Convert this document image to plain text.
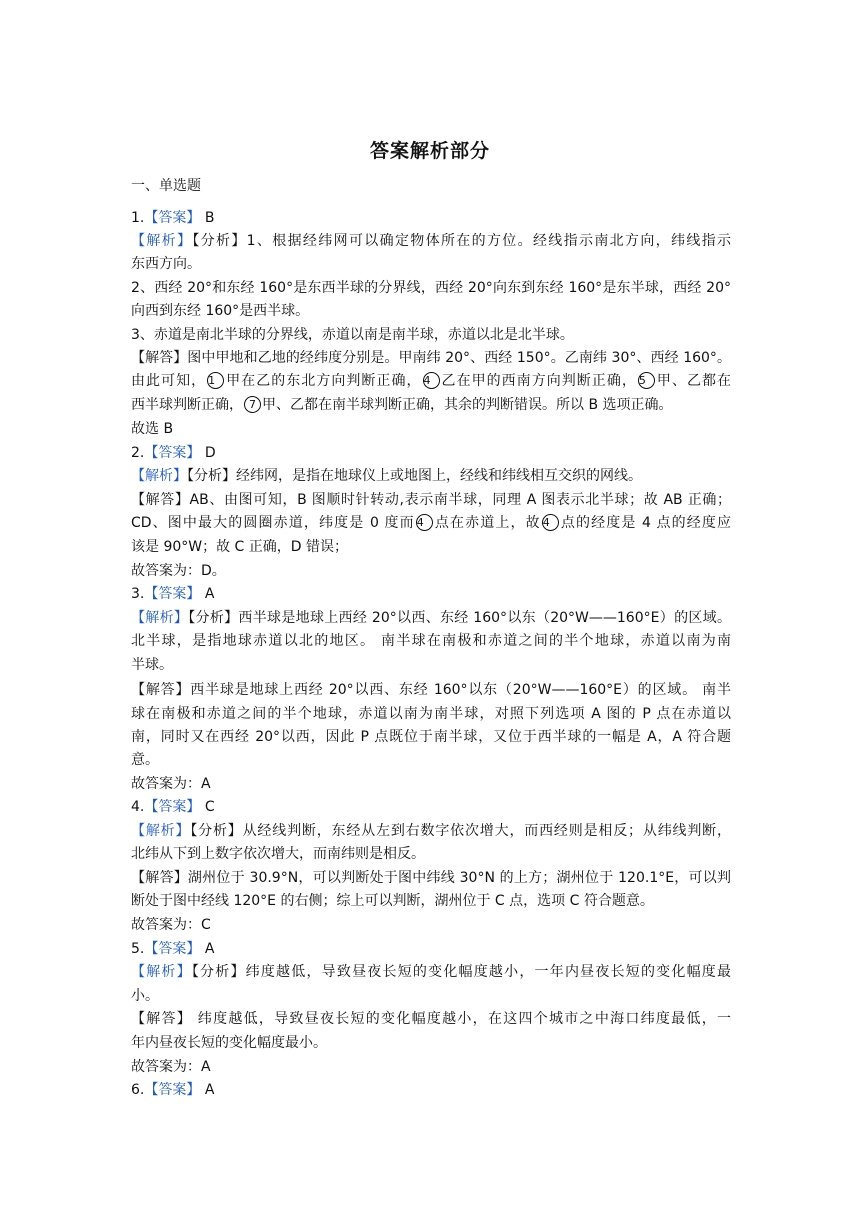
答案解析部分
一、单选题
1.【答案】 B
【解析】【分析】1、根据经纬网可以确定物体所在的方位。经线指示南北方向，纬线指示
东西方向。
2、西经 20°和东经 160°是东西半球的分界线，西经 20°向东到东经 160°是东半球，西经 20°
向西到东经 160°是西半球。
3、赤道是南北半球的分界线，赤道以南是南半球，赤道以北是北半球。
【解答】图中甲地和乙地的经纬度分别是。甲南纬 20°、西经 150°。乙南纬 30°、西经 160°。
由此可知， 1 甲在乙的东北方向判断正确， 4 乙在甲的西南方向判断正确， 5 甲、乙都在
西半球判断正确， 7 甲、乙都在南半球判断正确，其余的判断错误。所以 B 选项正确。
故选 B
2.【答案】 D
【解析】【分析】经纬网，是指在地球仪上或地图上，经线和纬线相互交织的网线。
【解答】AB、由图可知，B 图顺时针转动,表示南半球，同理 A 图表示北半球；故 AB 正确；
CD、图中最大的圆圈赤道，纬度是 0 度而 4 点在赤道上，故 4 点的经度是 4 点的经度应
该是 90°W；故 C 正确，D 错误；
故答案为：D。
3.【答案】 A
【解析】【分析】西半球是地球上西经 20°以西、东经 160°以东（20°W——160°E）的区域。
北半球，是指地球赤道以北的地区。 南半球在南极和赤道之间的半个地球，赤道以南为南
半球。
【解答】西半球是地球上西经 20°以西、东经 160°以东（20°W——160°E）的区域。 南半
球在南极和赤道之间的半个地球，赤道以南为南半球，对照下列选项 A 图的 P 点在赤道以
南，同时又在西经 20°以西，因此 P 点既位于南半球，又位于西半球的一幅是 A，A 符合题
意。
故答案为：A
4.【答案】 C
【解析】【分析】从经线判断，东经从左到右数字依次增大，而西经则是相反；从纬线判断，
北纬从下到上数字依次增大，而南纬则是相反。
【解答】湖州位于 30.9°N，可以判断处于图中纬线 30°N 的上方；湖州位于 120.1°E，可以判
断处于图中经线 120°E 的右侧；综上可以判断，湖州位于 C 点，选项 C 符合题意。
故答案为：C
5.【答案】 A
【解析】【分析】纬度越低，导致昼夜长短的变化幅度越小，一年内昼夜长短的变化幅度最
小。
【解答】 纬度越低，导致昼夜长短的变化幅度越小，在这四个城市之中海口纬度最低，一
年内昼夜长短的变化幅度最小。
故答案为：A
6.【答案】 A
